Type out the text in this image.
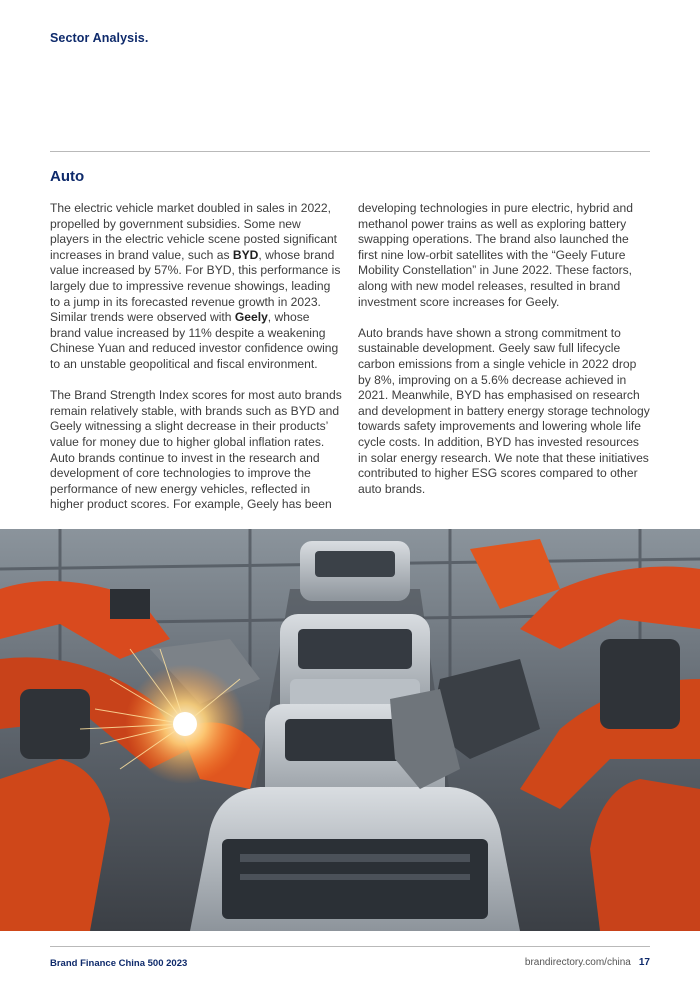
Sector Analysis.
Auto

The electric vehicle market doubled in sales in 2022, propelled by government subsidies. Some new players in the electric vehicle scene posted significant increases in brand value, such as BYD, whose brand value increased by 57%. For BYD, this performance is largely due to impressive revenue showings, leading to a jump in its forecasted revenue growth in 2023. Similar trends were observed with Geely, whose brand value increased by 11% despite a weakening Chinese Yuan and reduced investor confidence owing to an unstable geopolitical and fiscal environment.

The Brand Strength Index scores for most auto brands remain relatively stable, with brands such as BYD and Geely witnessing a slight decrease in their products’ value for money due to higher global inflation rates. Auto brands continue to invest in the research and development of core technologies to improve the performance of new energy vehicles, reflected in higher product scores. For example, Geely has been

developing technologies in pure electric, hybrid and methanol power trains as well as exploring battery swapping operations. The brand also launched the first nine low-orbit satellites with the “Geely Future Mobility Constellation” in June 2022. These factors, along with new model releases, resulted in brand investment score increases for Geely.

Auto brands have shown a strong commitment to sustainable development. Geely saw full lifecycle carbon emissions from a single vehicle in 2022 drop by 8%, improving on a 5.6% decrease achieved in 2021. Meanwhile, BYD has emphasised on research and development in battery energy storage technology towards safety improvements and lowering whole life cycle costs. In addition, BYD has invested resources in solar energy research. We note that these initiatives contributed to higher ESG scores compared to other auto brands.

Brand Finance China 500 2023	brandirectory.com/china 17
